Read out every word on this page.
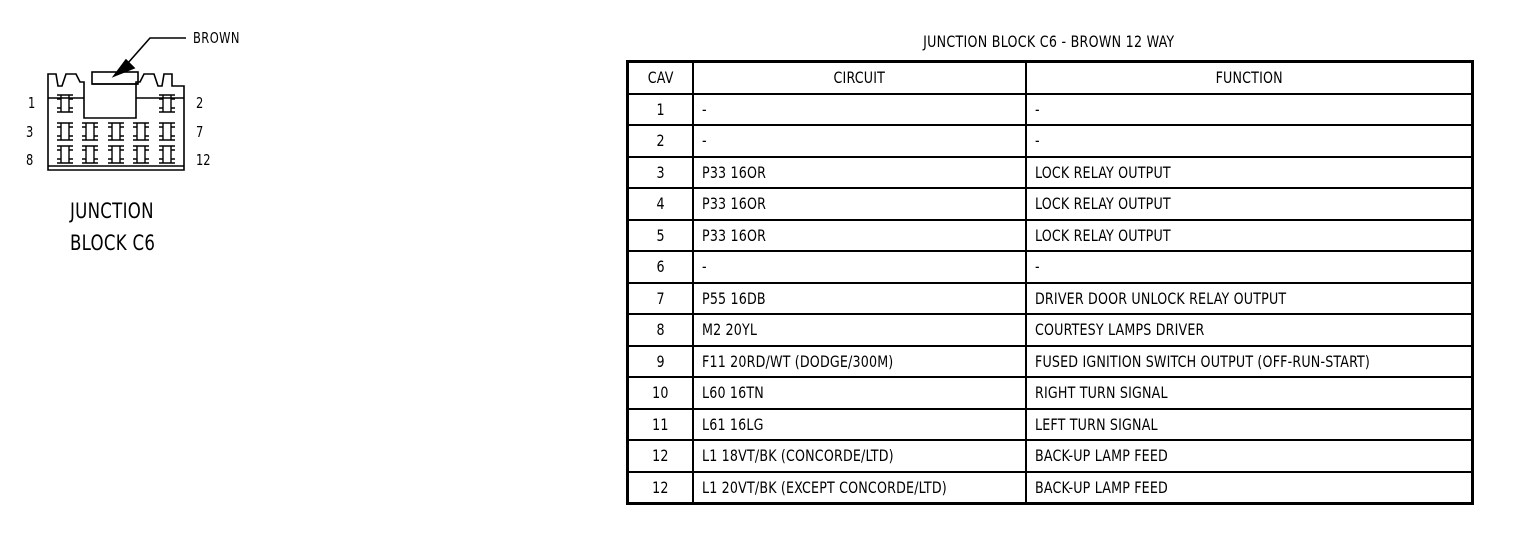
BROWN
1	2
3	7
8	12
JUNCTION
BLOCK C6
JUNCTION BLOCK C6 - BROWN 12 WAY
CAV	CIRCUIT	FUNCTION
1	-	-
2	-	-
3	P33 16OR	LOCK RELAY OUTPUT
4	P33 16OR	LOCK RELAY OUTPUT
5	P33 16OR	LOCK RELAY OUTPUT
6	-	-
7	P55 16DB	DRIVER DOOR UNLOCK RELAY OUTPUT
8	M2 20YL	COURTESY LAMPS DRIVER
9	F11 20RD/WT (DODGE/300M)	FUSED IGNITION SWITCH OUTPUT (OFF-RUN-START)
10	L60 16TN	RIGHT TURN SIGNAL
11	L61 16LG	LEFT TURN SIGNAL
12	L1 18VT/BK (CONCORDE/LTD)	BACK-UP LAMP FEED
12	L1 20VT/BK (EXCEPT CONCORDE/LTD)	BACK-UP LAMP FEED
